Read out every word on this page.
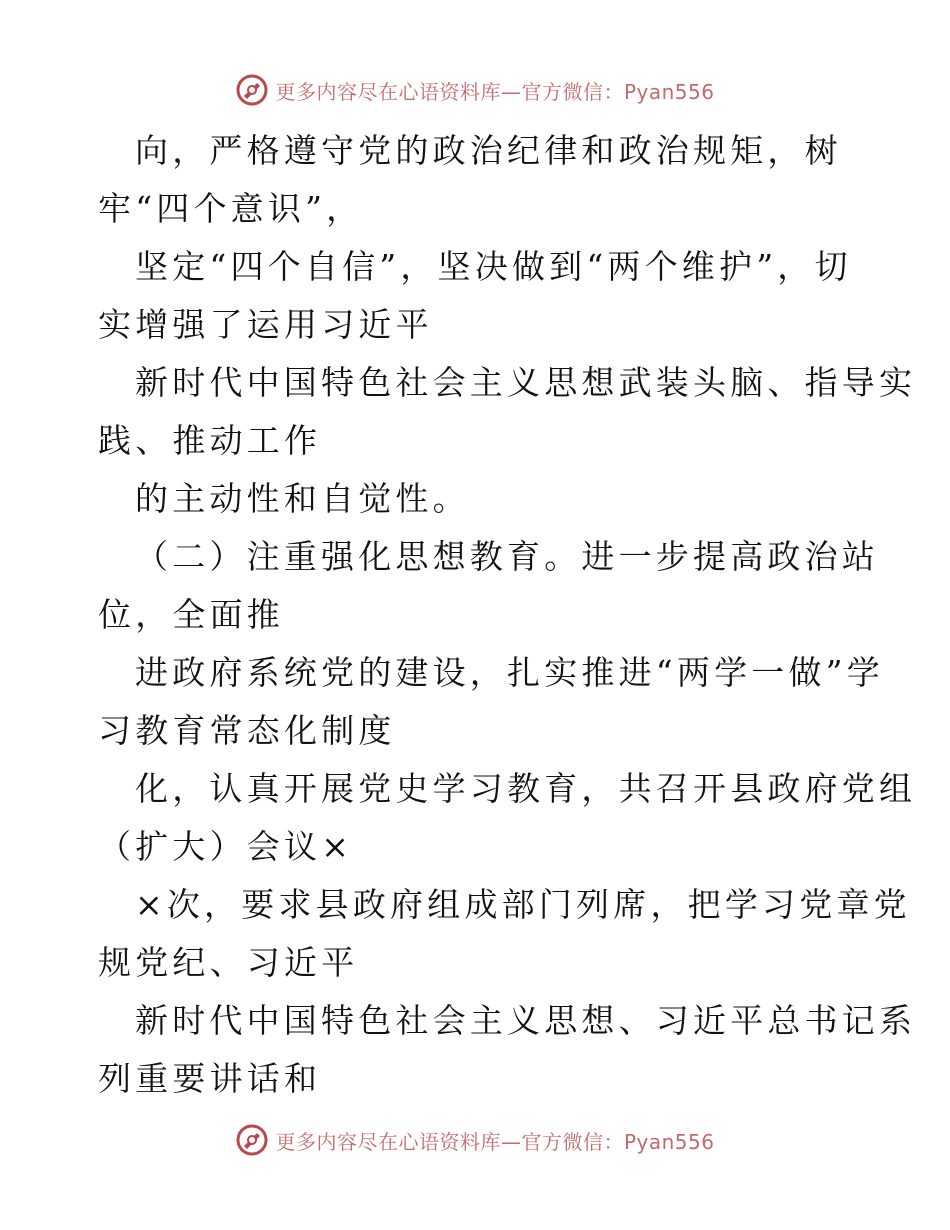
更多内容尽在心语资料库—官方微信：Pyan556
向，严格遵守党的政治纪律和政治规矩，树
牢“四个意识”，
坚定“四个自信”，坚决做到“两个维护”，切
实增强了运用习近平
新时代中国特色社会主义思想武装头脑、指导实
践、推动工作
的主动性和自觉性。
（二）注重强化思想教育。进一步提高政治站
位，全面推
进政府系统党的建设，扎实推进“两学一做”学
习教育常态化制度
化，认真开展党史学习教育，共召开县政府党组
（扩大）会议×
×次，要求县政府组成部门列席，把学习党章党
规党纪、习近平
新时代中国特色社会主义思想、习近平总书记系
列重要讲话和
更多内容尽在心语资料库—官方微信：Pyan556
